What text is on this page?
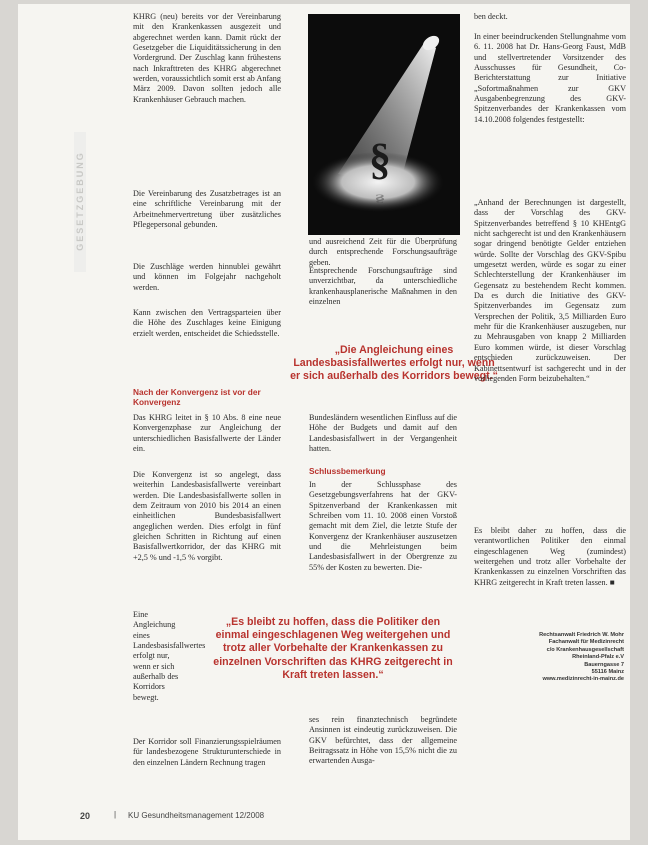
GESETZGEBUNG

KHRG (neu) bereits vor der Vereinbarung mit den Krankenkassen ausgezeit und abgerechnet werden kann. Damit rückt der Gesetzgeber die Liquiditätssicherung in den Vordergrund. Der Zuschlag kann frühestens nach Inkrafttreten des KHRG abgerechnet werden, voraussichtlich somit erst ab Anfang März 2009. Davon sollten jedoch alle Krankenhäuser Gebrauch machen.

Die Vereinbarung des Zusatzbetrages ist an eine schriftliche Vereinbarung mit der Arbeitnehmervertretung über zusätzliches Pflegepersonal gebunden.

Die Zuschläge werden hinnublei gewährt und können im Folgejahr nachgeholt werden.

Kann zwischen den Vertragsparteien über die Höhe des Zuschlages keine Einigung erzielt werden, entscheidet die Schiedsstelle.

Nach der Konvergenz ist vor der Konvergenz

Das KHRG leitet in § 10 Abs. 8 eine neue Konvergenzphase zur Angleichung der unterschiedlichen Basisfallwerte der Länder ein.

Die Konvergenz ist so angelegt, dass weiterhin Landesbasisfallwerte vereinbart werden. Die Landesbasisfallwerte sollen in dem Zeitraum von 2010 bis 2014 an einen einheitlichen Bundesbasisfallwert angeglichen werden. Dies erfolgt in fünf gleichen Schritten in Richtung auf einen Basisfallwertkorridor, der das KHRG mit +2,5 % und -1,5 % vorgibt.

Eine Angleichung eines Landesbasisfallwertes erfolgt nur, wenn er sich außerhalb des Korridors bewegt.

Der Korridor soll Finanzierungsspielräumen für landesbezogene Strukturunterschiede in den einzelnen Ländern Rechnung tragen

§
§

und ausreichend Zeit für die Überprüfung durch entsprechende Forschungsaufträge geben.

Entsprechende Forschungsaufträge sind unverzichtbar, da unterschiedliche krankenhausplanerische Maßnahmen in den einzelnen

„Die Angleichung eines Landesbasisfallwertes erfolgt nur, wenn er sich außerhalb des Korridors bewegt.“

Bundesländern wesentlichen Einfluss auf die Höhe der Budgets und damit auf den Landesbasisfallwert in der Vergangenheit hatten.

Schlussbemerkung

In der Schlussphase des Gesetzgebungsverfahrens hat der GKV-Spitzenverband der Krankenkassen mit Schreiben vom 11. 10. 2008 einen Vorstoß gemacht mit dem Ziel, die letzte Stufe der Konvergenz der Krankenhäuser auszusetzen und die Mehrleistungen beim Landesbasisfallwert in der Obergrenze zu 55% der Kosten zu bewerten. Die-

„Es bleibt zu hoffen, dass die Politiker den einmal eingeschlagenen Weg weitergehen und trotz aller Vorbehalte der Krankenkassen zu einzelnen Vorschriften das KHRG zeitgerecht in Kraft treten lassen.“

ses rein finanztechnisch begründete Ansinnen ist eindeutig zurückzuweisen. Die GKV befürchtet, dass der allgemeine Beitragssatz in Höhe von 15,5% nicht die zu erwartenden Ausga-

ben deckt.

In einer beeindruckenden Stellungnahme vom 6. 11. 2008 hat Dr. Hans-Georg Faust, MdB und stellvertretender Vorsitzender des Ausschusses für Gesundheit, Co-Berichterstattung zur Initiative „Sofortmaßnahmen zur GKV Ausgabenbegrenzung des GKV-Spitzenverbandes der Krankenkassen vom 14.10.2008 folgendes festgestellt:

„Anhand der Berechnungen ist dargestellt, dass der Vorschlag des GKV-Spitzenverbandes betreffend § 10 KHEntgG nicht sachgerecht ist und den Krankenhäusern sogar dringend benötigte Gelder entziehen würde. Sollte der Vorschlag des GKV-Spibu umgesetzt werden, würde es sogar zu einer Schlechterstellung der Krankenhäuser im Gegensatz zu bestehendem Recht kommen. Da es durch die Initiative des GKV-Spitzenverbandes im Gegensatz zum Versprechen der Politik, 3,5 Milliarden Euro mehr für die Krankenhäuser auszugeben, nur zu Mehrausgaben von knapp 2 Milliarden Euro kommen würde, ist dieser Vorschlag entschieden zurückzuweisen. Der Kabinettsentwurf ist sachgerecht und in der vorliegenden Form beizubehalten.“

Es bleibt daher zu hoffen, dass die verantwortlichen Politiker den einmal eingeschlagenen Weg (zumindest) weitergehen und trotz aller Vorbehalte der Krankenkassen zu einzelnen Vorschriften das KHRG zeitgerecht in Kraft treten lassen. ■

Rechtsanwalt Friedrich W. Mohr
Fachanwalt für Medizinrecht
c/o Krankenhausgesellschaft
Rheinland-Pfalz e.V
Bauerngasse 7
55116 Mainz
www.medizinrecht-in-mainz.de
20	| KU Gesundheitsmanagement 12/2008
